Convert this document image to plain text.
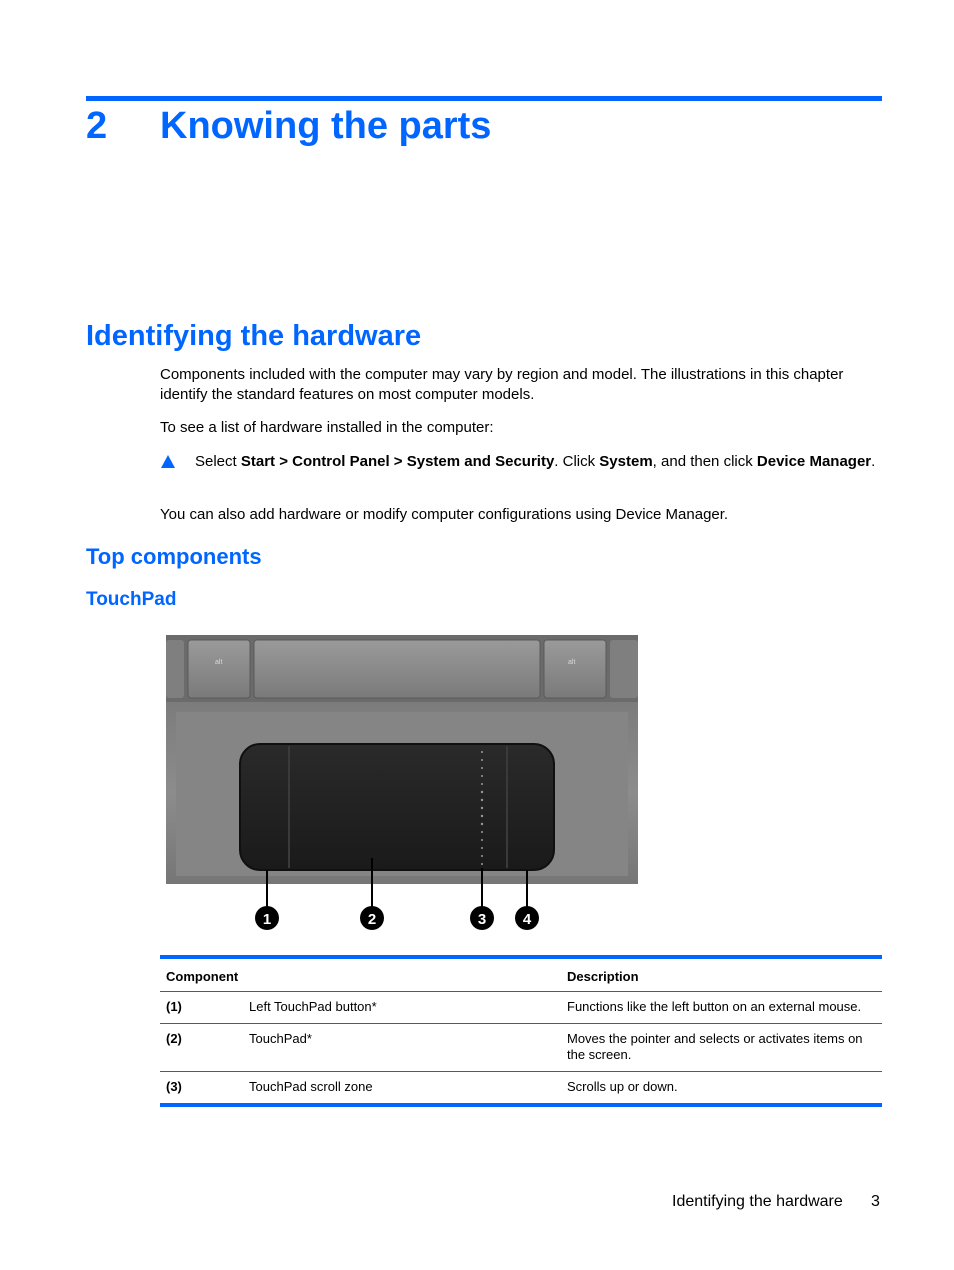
2 Knowing the parts
Identifying the hardware
Components included with the computer may vary by region and model. The illustrations in this chapter identify the standard features on most computer models.
To see a list of hardware installed in the computer:
Select Start > Control Panel > System and Security. Click System, and then click Device Manager.
You can also add hardware or modify computer configurations using Device Manager.
Top components
TouchPad
alt	alt
1	2	3 4
Component		Description
(1)	Left TouchPad button*	Functions like the left button on an external mouse.
(2)	TouchPad*	Moves the pointer and selects or activates items on the screen.
(3)	TouchPad scroll zone	Scrolls up or down.
Identifying the hardware 3
